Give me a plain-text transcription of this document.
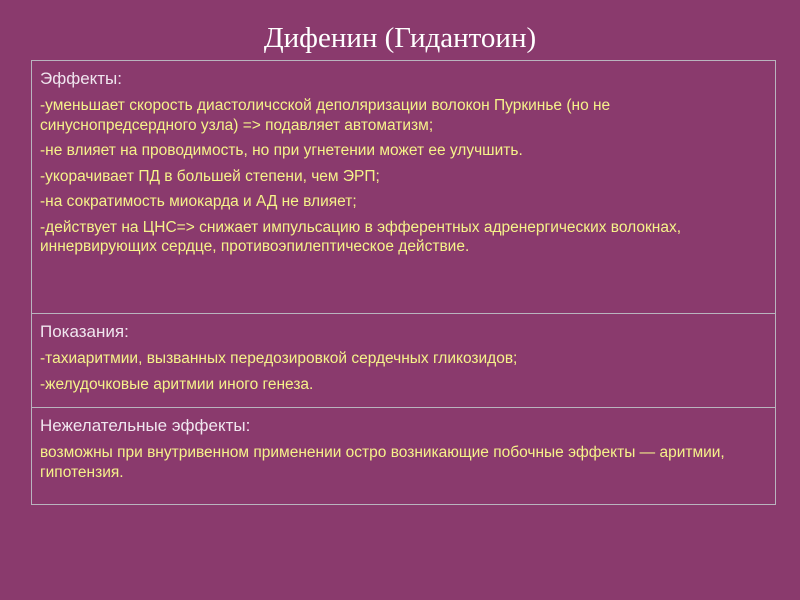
Дифенин (Гидантоин)
Эффекты:
-уменьшает скорость диастоличсской деполяризации волокон Пуркинье (но не синуснопредсердного узла) => подавляет автоматизм;
-не влияет на проводимость, но при угнетении может ее улучшить.
-укорачивает ПД в большей степени, чем ЭРП;
-на сократимость миокарда и АД не влияет;
-действует на ЦНС=> снижает импульсацию в эфферентных адренергических волокнах, иннервирующих сердце, противоэпилептическое действие.
Показания:
-тахиаритмии, вызванных передозировкой сердечных гликозидов;
-желудочковые аритмии иного генеза.
Нежелательные эффекты:
возможны при внутривенном применении остро возникающие побочные эффекты — аритмии, гипотензия.
